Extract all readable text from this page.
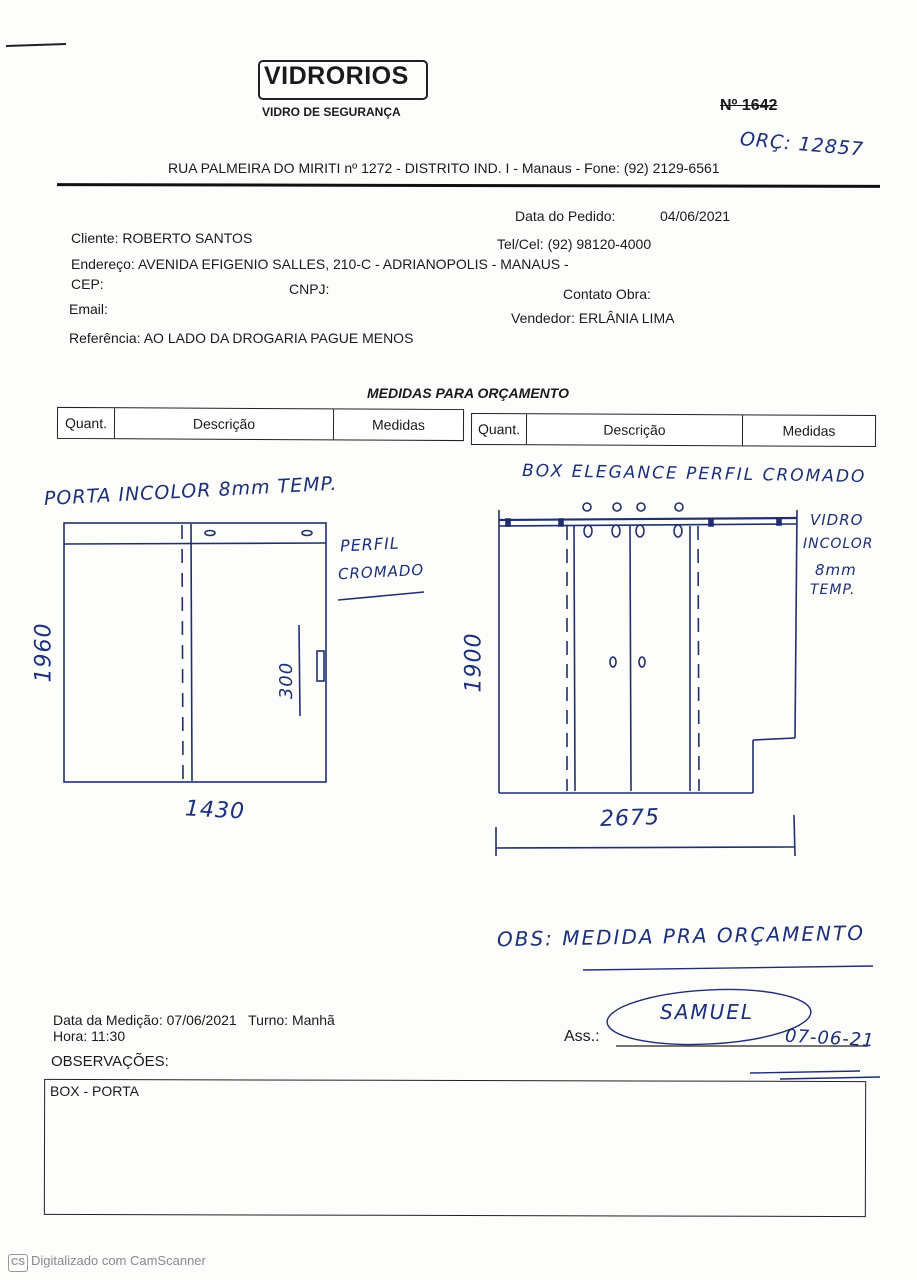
VIDRORIOS
VIDRO DE SEGURANÇA	Nº 1642
ORÇ: 12857
RUA PALMEIRA DO MIRITI nº 1272 - DISTRITO IND. I - Manaus - Fone: (92) 2129-6561
Data do Pedido:	04/06/2021
Cliente: ROBERTO SANTOS	Tel/Cel: (92) 98120-4000
Endereço: AVENIDA EFIGENIO SALLES, 210-C - ADRIANOPOLIS - MANAUS -
CEP:	CNPJ:	Contato Obra:
Email:
Vendedor: ERLÂNIA LIMA
Referência: AO LADO DA DROGARIA PAGUE MENOS
MEDIDAS PARA ORÇAMENTO
Quant.	Descrição	Medidas	Quant.	Descrição	Medidas
PORTA INCOLOR 8mm TEMP.
PERFIL
CROMADO
1960	300
1430
BOX ELEGANCE PERFIL CROMADO
VIDRO
INCOLOR
8mm
TEMP.
1900
2675
OBS: MEDIDA PRA ORÇAMENTO
Data da Medição: 07/06/2021 Turno: Manhã
Hora: 11:30
OBSERVAÇÕES:
Ass.:
SAMUEL
07-06-21
BOX - PORTA
CS Digitalizado com CamScanner
